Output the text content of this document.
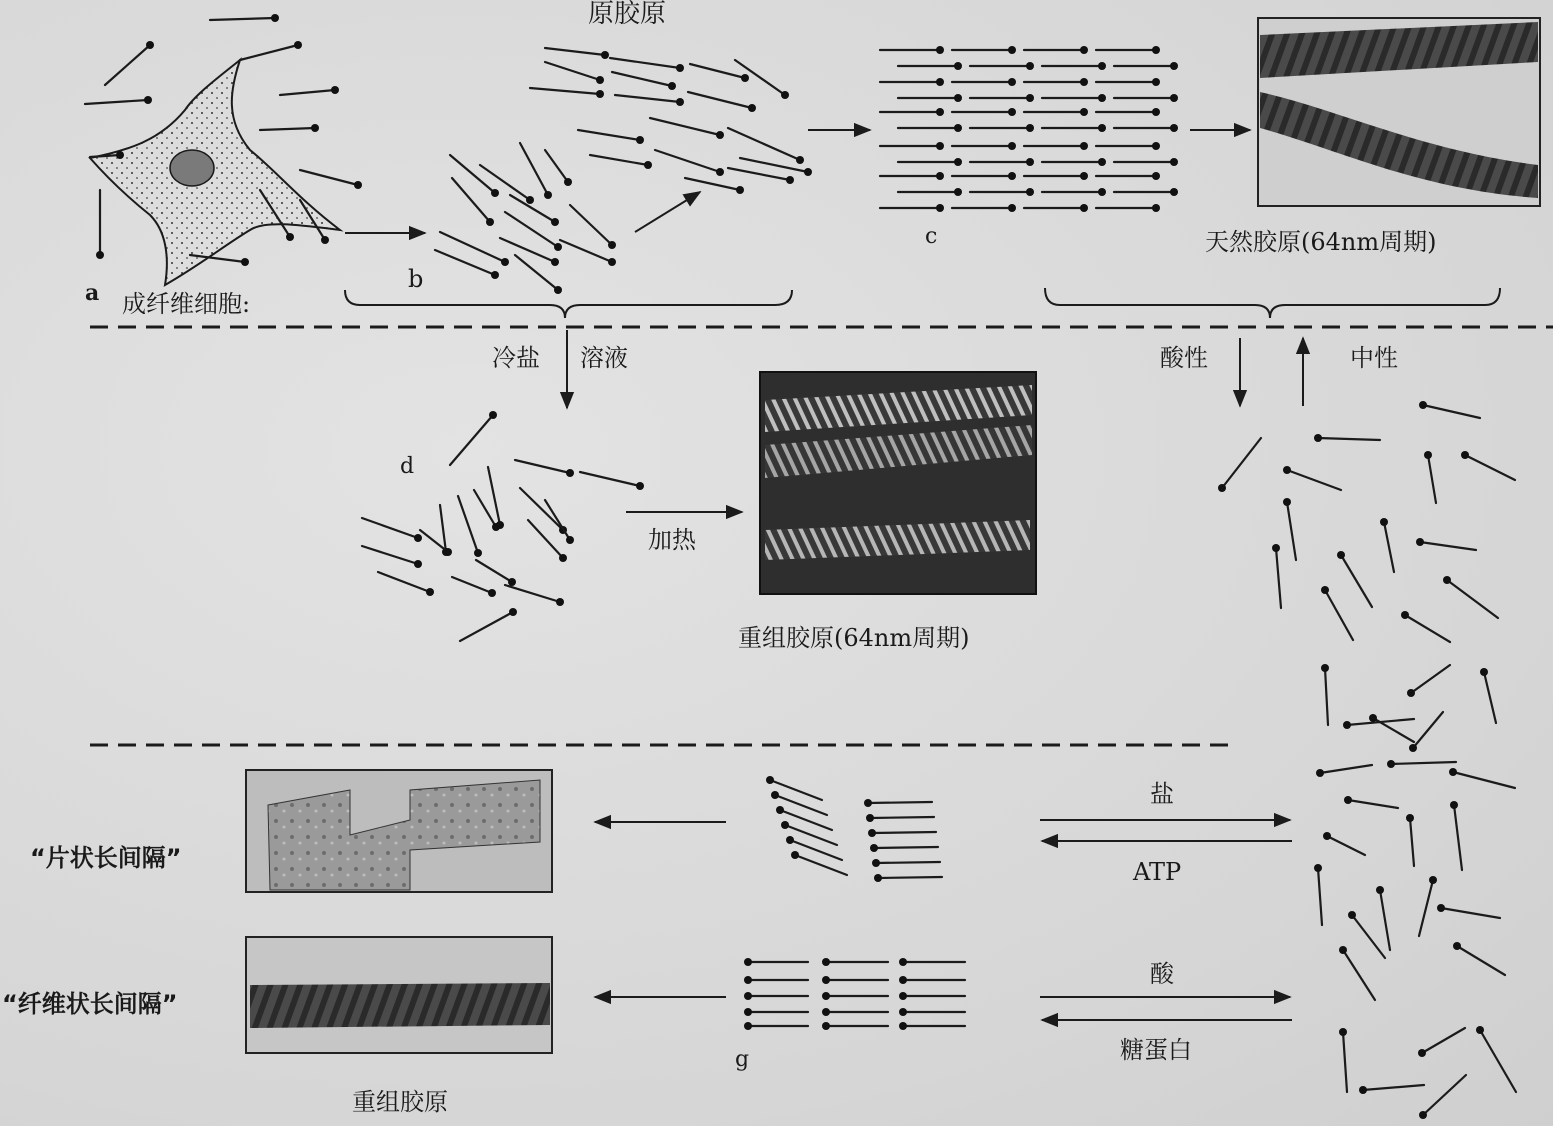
a 成纤维细胞:
b
原胶原
c	天然胶原(64nm周期)
冷盐 溶液
d
加热
重组胶原(64nm周期)
酸性	中性
“片状长间隔”
盐
ATP
“纤维状长间隔”
g
酸
糖蛋白
重组胶原
